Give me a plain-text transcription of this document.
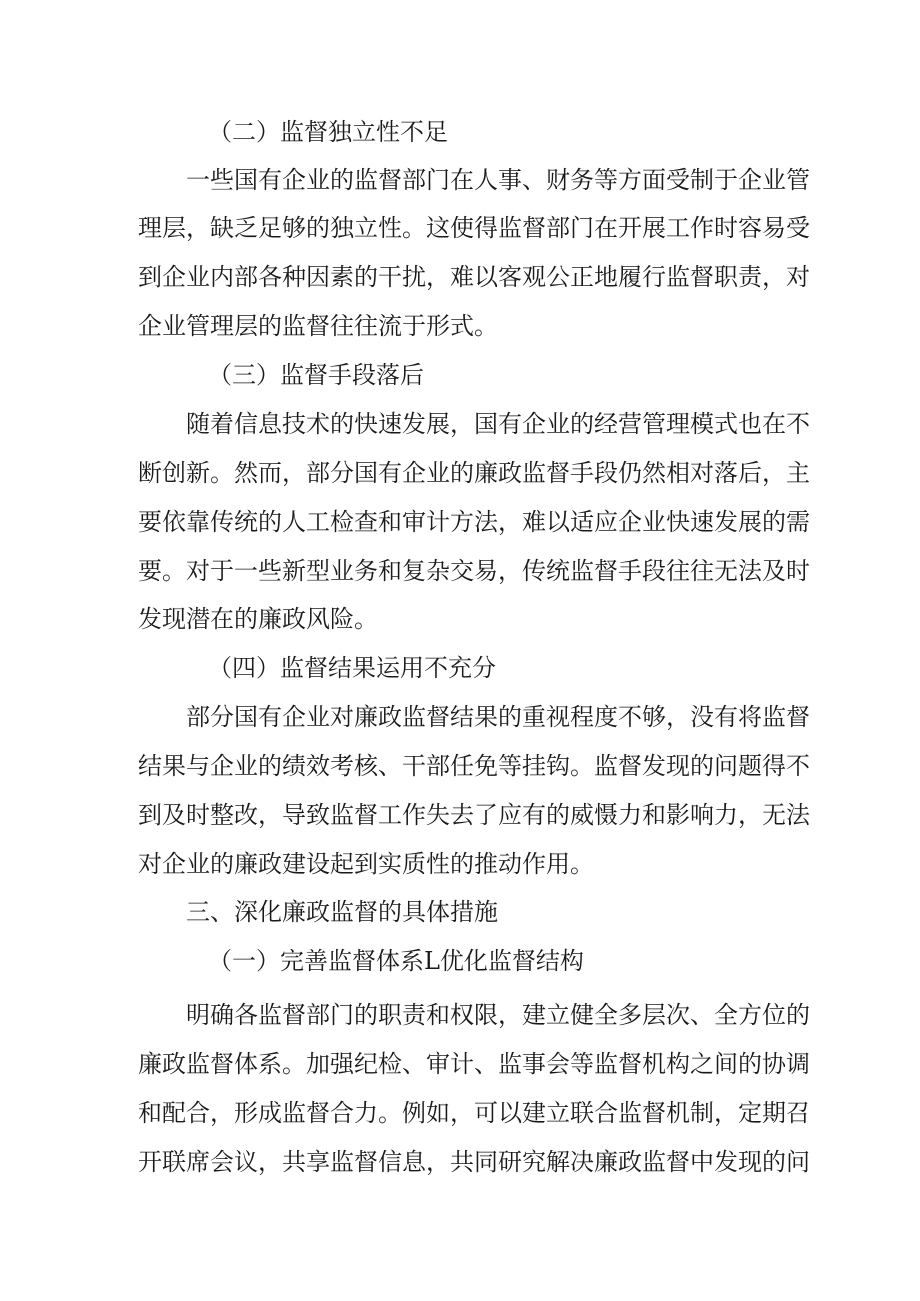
（二）监督独立性不足
一些国有企业的监督部门在人事、财务等方面受制于企业管
理层，缺乏足够的独立性。这使得监督部门在开展工作时容易受
到企业内部各种因素的干扰，难以客观公正地履行监督职责，对
企业管理层的监督往往流于形式。
（三）监督手段落后
随着信息技术的快速发展，国有企业的经营管理模式也在不
断创新。然而，部分国有企业的廉政监督手段仍然相对落后，主
要依靠传统的人工检查和审计方法，难以适应企业快速发展的需
要。对于一些新型业务和复杂交易，传统监督手段往往无法及时
发现潜在的廉政风险。
（四）监督结果运用不充分
部分国有企业对廉政监督结果的重视程度不够，没有将监督
结果与企业的绩效考核、干部任免等挂钩。监督发现的问题得不
到及时整改，导致监督工作失去了应有的威慑力和影响力，无法
对企业的廉政建设起到实质性的推动作用。
三、深化廉政监督的具体措施
（一）完善监督体系L优化监督结构
明确各监督部门的职责和权限，建立健全多层次、全方位的
廉政监督体系。加强纪检、审计、监事会等监督机构之间的协调
和配合，形成监督合力。例如，可以建立联合监督机制，定期召
开联席会议，共享监督信息，共同研究解决廉政监督中发现的问
